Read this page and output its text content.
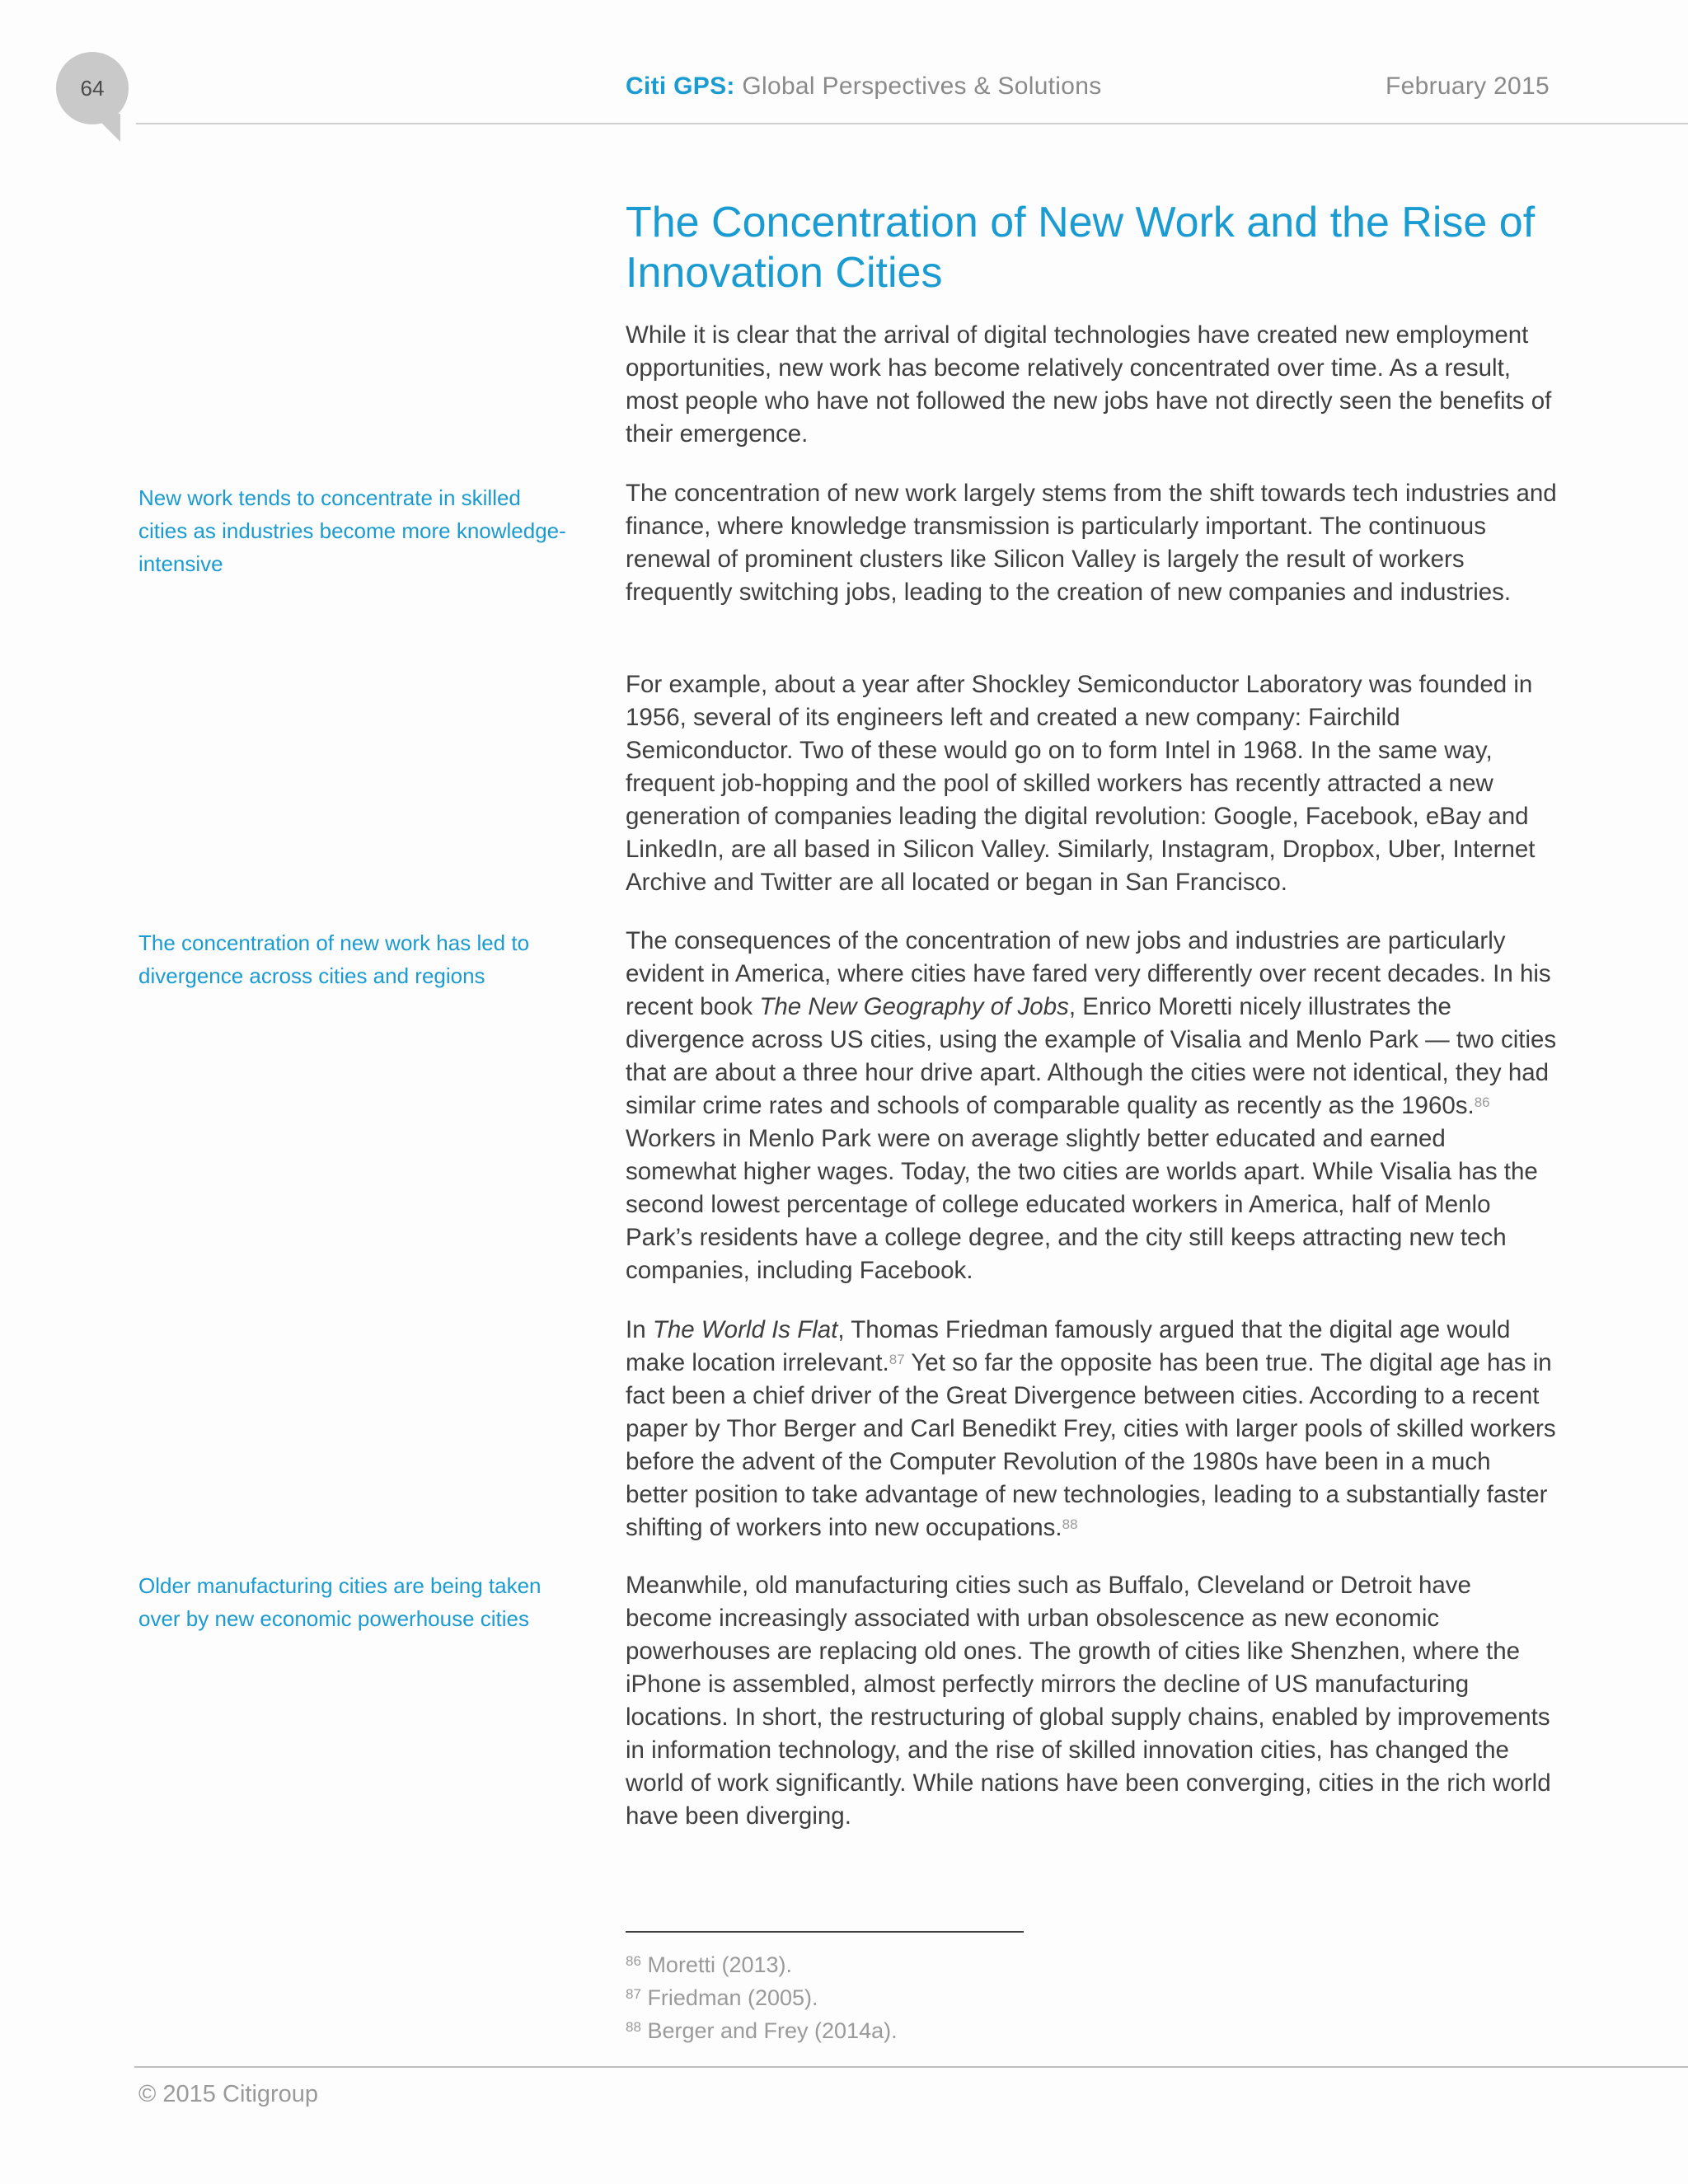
64	Citi GPS: Global Perspectives & Solutions	February 2015
The Concentration of New Work and the Rise of Innovation Cities

New work tends to concentrate in skilled cities as industries become more knowledge-intensive

The concentration of new work has led to divergence across cities and regions

Older manufacturing cities are being taken over by new economic powerhouse cities

While it is clear that the arrival of digital technologies have created new employment opportunities, new work has become relatively concentrated over time. As a result, most people who have not followed the new jobs have not directly seen the benefits of their emergence.

The concentration of new work largely stems from the shift towards tech industries and finance, where knowledge transmission is particularly important. The continuous renewal of prominent clusters like Silicon Valley is largely the result of workers frequently switching jobs, leading to the creation of new companies and industries.

For example, about a year after Shockley Semiconductor Laboratory was founded in 1956, several of its engineers left and created a new company: Fairchild Semiconductor. Two of these would go on to form Intel in 1968. In the same way, frequent job-hopping and the pool of skilled workers has recently attracted a new generation of companies leading the digital revolution: Google, Facebook, eBay and LinkedIn, are all based in Silicon Valley. Similarly, Instagram, Dropbox, Uber, Internet Archive and Twitter are all located or began in San Francisco.

The consequences of the concentration of new jobs and industries are particularly evident in America, where cities have fared very differently over recent decades. In his recent book The New Geography of Jobs, Enrico Moretti nicely illustrates the divergence across US cities, using the example of Visalia and Menlo Park — two cities that are about a three hour drive apart. Although the cities were not identical, they had similar crime rates and schools of comparable quality as recently as the 1960s.$^{86}$ Workers in Menlo Park were on average slightly better educated and earned somewhat higher wages. Today, the two cities are worlds apart. While Visalia has the second lowest percentage of college educated workers in America, half of Menlo Park’s residents have a college degree, and the city still keeps attracting new tech companies, including Facebook.

In The World Is Flat, Thomas Friedman famously argued that the digital age would make location irrelevant.$^{87}$ Yet so far the opposite has been true. The digital age has in fact been a chief driver of the Great Divergence between cities. According to a recent paper by Thor Berger and Carl Benedikt Frey, cities with larger pools of skilled workers before the advent of the Computer Revolution of the 1980s have been in a much better position to take advantage of new technologies, leading to a substantially faster shifting of workers into new occupations.$^{88}$

Meanwhile, old manufacturing cities such as Buffalo, Cleveland or Detroit have become increasingly associated with urban obsolescence as new economic powerhouses are replacing old ones. The growth of cities like Shenzhen, where the iPhone is assembled, almost perfectly mirrors the decline of US manufacturing locations. In short, the restructuring of global supply chains, enabled by improvements in information technology, and the rise of skilled innovation cities, has changed the world of work significantly. While nations have been converging, cities in the rich world have been diverging.

$^{86}$ Moretti (2013).
$^{87}$ Friedman (2005).
$^{88}$ Berger and Frey (2014a).
© 2015 Citigroup
